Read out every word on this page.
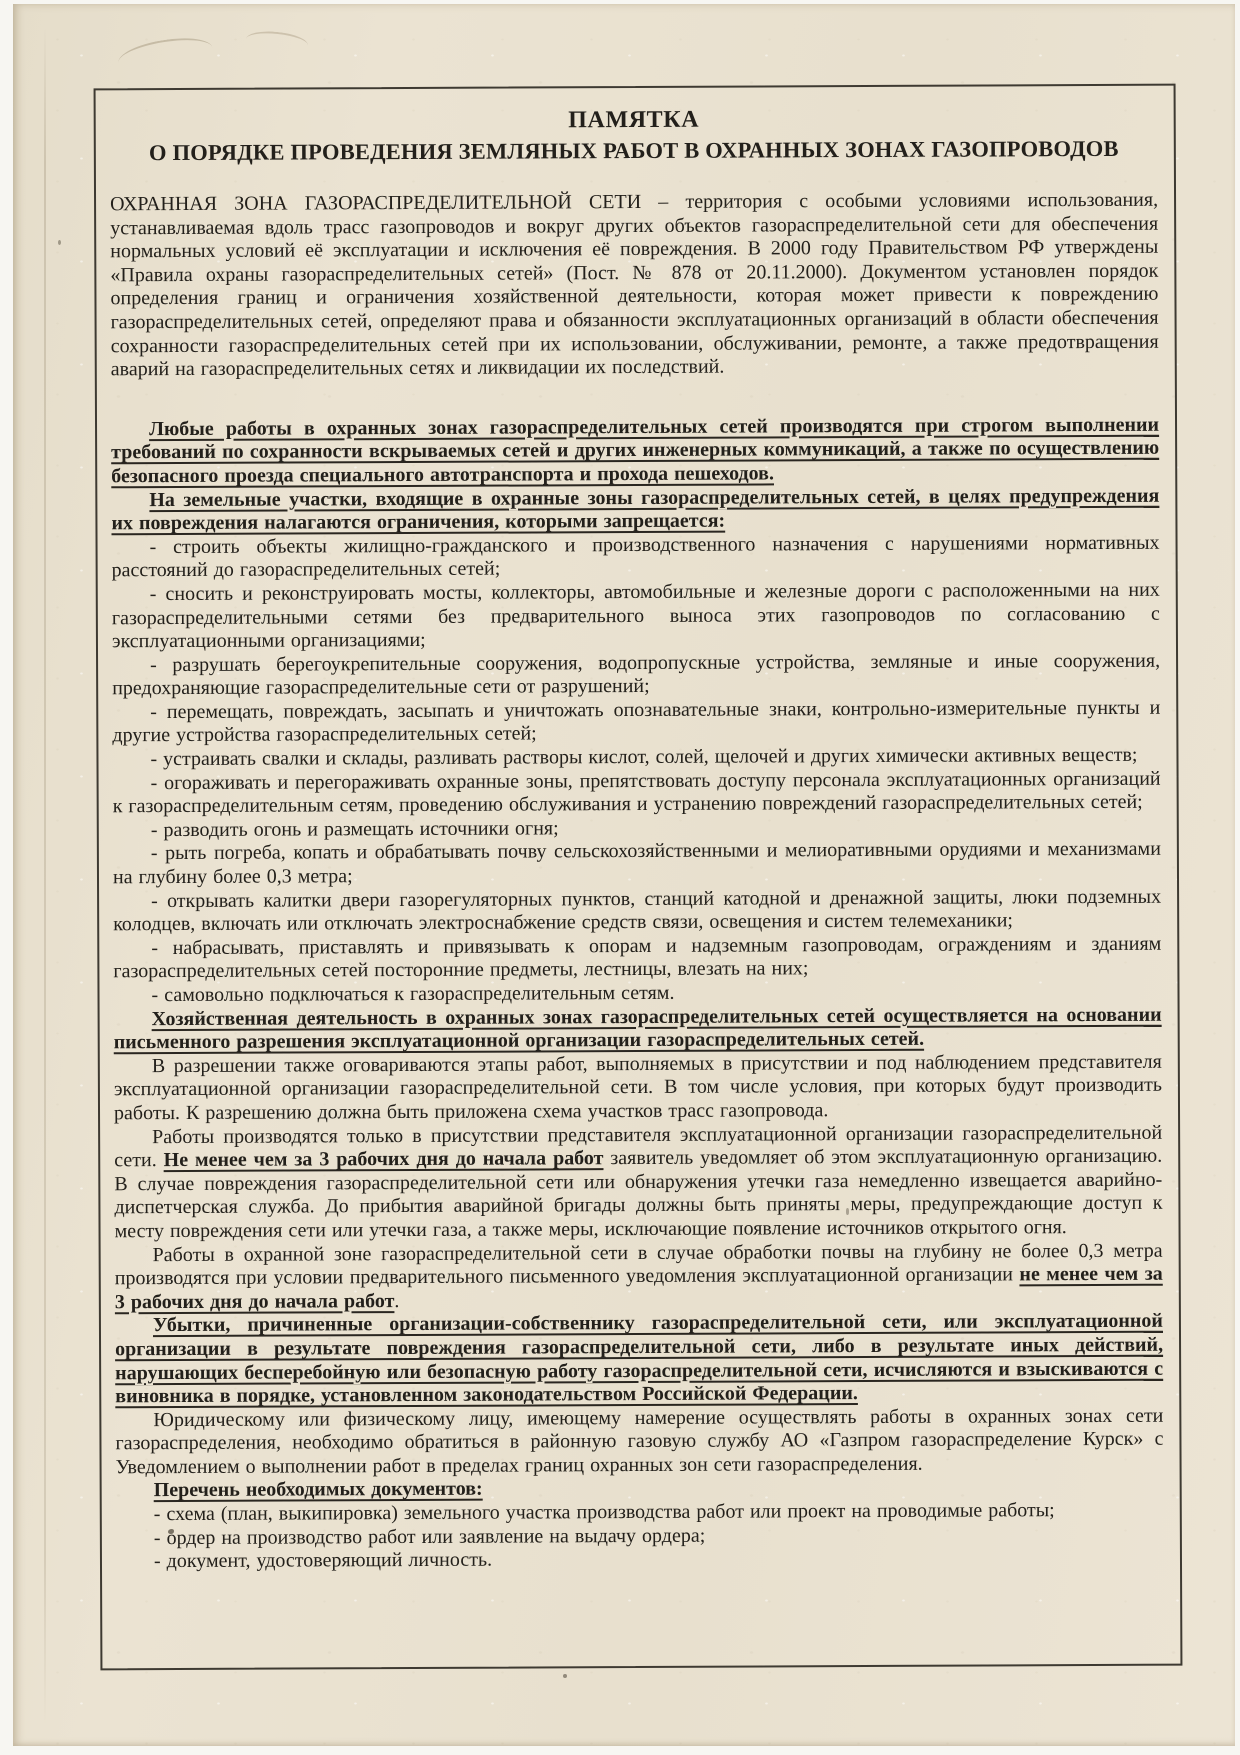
ПАМЯТКА
О ПОРЯДКЕ ПРОВЕДЕНИЯ ЗЕМЛЯНЫХ РАБОТ В ОХРАННЫХ ЗОНАХ ГАЗОПРОВОДОВ

ОХРАННАЯ ЗОНА ГАЗОРАСПРЕДЕЛИТЕЛЬНОЙ СЕТИ – территория с особыми условиями использования, устанавливаемая вдоль трасс газопроводов и вокруг других объектов газораспределительной сети для обеспечения нормальных условий её эксплуатации и исключения её повреждения. В 2000 году Правительством РФ утверждены «Правила охраны газораспределительных сетей» (Пост. № 878 от 20.11.2000). Документом установлен порядок определения границ и ограничения хозяйственной деятельности, которая может привести к повреждению газораспределительных сетей, определяют права и обязанности эксплуатационных организаций в области обеспечения сохранности газораспределительных сетей при их использовании, обслуживании, ремонте, а также предотвращения аварий на газораспределительных сетях и ликвидации их последствий.

Любые работы в охранных зонах газораспределительных сетей производятся при строгом выполнении требований по сохранности вскрываемых сетей и других инженерных коммуникаций, а также по осуществлению безопасного проезда специального автотранспорта и прохода пешеходов.

На земельные участки, входящие в охранные зоны газораспределительных сетей, в целях предупреждения их повреждения налагаются ограничения, которыми запрещается:

- строить объекты жилищно-гражданского и производственного назначения с нарушениями нормативных расстояний до газораспределительных сетей;

- сносить и реконструировать мосты, коллекторы, автомобильные и железные дороги с расположенными на них газораспределительными сетями без предварительного выноса этих газопроводов по согласованию с эксплуатационными организациями;

- разрушать берегоукрепительные сооружения, водопропускные устройства, земляные и иные сооружения, предохраняющие газораспределительные сети от разрушений;

- перемещать, повреждать, засыпать и уничтожать опознавательные знаки, контрольно-измерительные пункты и другие устройства газораспределительных сетей;

- устраивать свалки и склады, разливать растворы кислот, солей, щелочей и других химически активных веществ;

- огораживать и перегораживать охранные зоны, препятствовать доступу персонала эксплуатационных организаций к газораспределительным сетям, проведению обслуживания и устранению повреждений газораспределительных сетей;

- разводить огонь и размещать источники огня;

- рыть погреба, копать и обрабатывать почву сельскохозяйственными и мелиоративными орудиями и механизмами на глубину более 0,3 метра;

- открывать калитки двери газорегуляторных пунктов, станций катодной и дренажной защиты, люки подземных колодцев, включать или отключать электроснабжение средств связи, освещения и систем телемеханики;

- набрасывать, приставлять и привязывать к опорам и надземным газопроводам, ограждениям и зданиям газораспределительных сетей посторонние предметы, лестницы, влезать на них;

- самовольно подключаться к газораспределительным сетям.

Хозяйственная деятельность в охранных зонах газораспределительных сетей осуществляется на основании письменного разрешения эксплуатационной организации газораспределительных сетей.

В разрешении также оговариваются этапы работ, выполняемых в присутствии и под наблюдением представителя эксплуатационной организации газораспределительной сети. В том числе условия, при которых будут производить работы. К разрешению должна быть приложена схема участков трасс газопровода.

Работы производятся только в присутствии представителя эксплуатационной организации газораспределительной сети. Не менее чем за 3 рабочих дня до начала работ заявитель уведомляет об этом эксплуатационную организацию. В случае повреждения газораспределительной сети или обнаружения утечки газа немедленно извещается аварийно-диспетчерская служба. До прибытия аварийной бригады должны быть приняты меры, предупреждающие доступ к месту повреждения сети или утечки газа, а также меры, исключающие появление источников открытого огня.

Работы в охранной зоне газораспределительной сети в случае обработки почвы на глубину не более 0,3 метра производятся при условии предварительного письменного уведомления эксплуатационной организации не менее чем за 3 рабочих дня до начала работ.

Убытки, причиненные организации-собственнику газораспределительной сети, или эксплуатационной организации в результате повреждения газораспределительной сети, либо в результате иных действий, нарушающих бесперебойную или безопасную работу газораспределительной сети, исчисляются и взыскиваются с виновника в порядке, установленном законодательством Российской Федерации.

Юридическому или физическому лицу, имеющему намерение осуществлять работы в охранных зонах сети газораспределения, необходимо обратиться в районную газовую службу АО «Газпром газораспределение Курск» с Уведомлением о выполнении работ в пределах границ охранных зон сети газораспределения.

Перечень необходимых документов:

- схема (план, выкипировка) земельного участка производства работ или проект на проводимые работы;

- ордер на производство работ или заявление на выдачу ордера;

- документ, удостоверяющий личность.
